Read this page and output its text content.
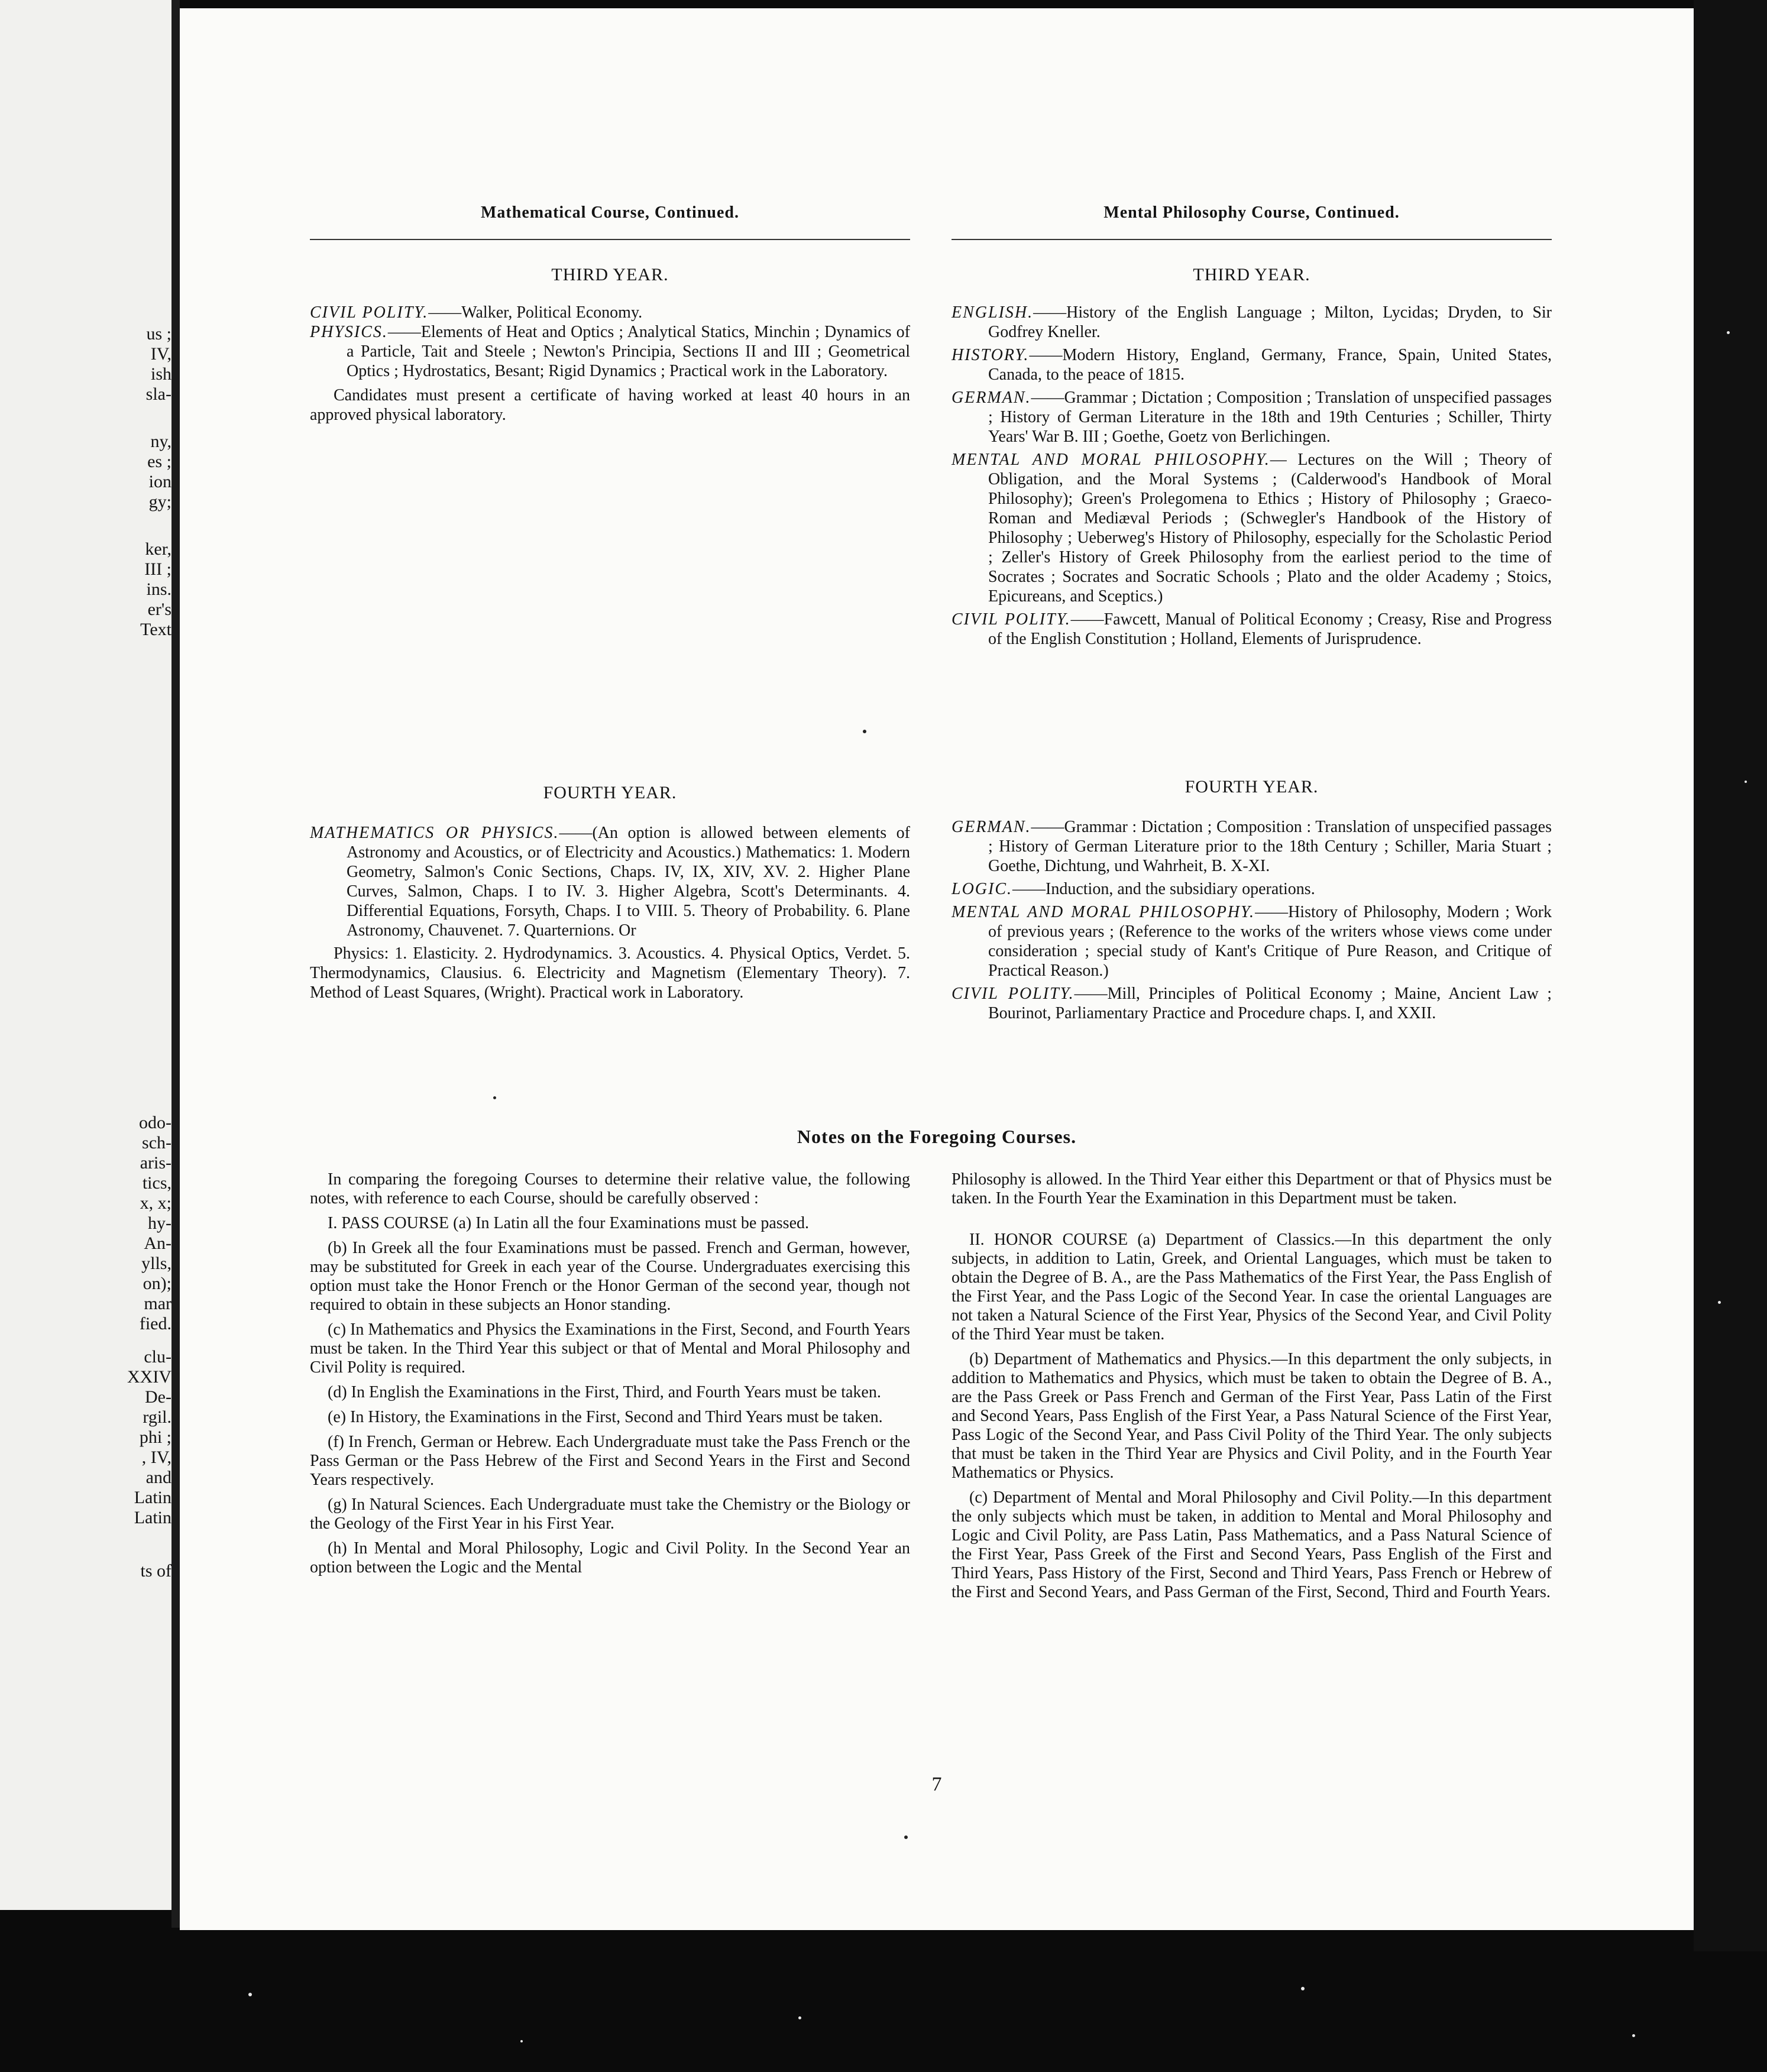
us ;
IV,
ish
sla-
ny,
es ;
ion
gy;
ker,
III ;
ins.
er's
Text
odo-
sch-
aris-
tics,
x, x;
hy-
An-
ylls,
on);
mar
fied.
clu-
XXIV
De-
rgil.
phi ;
, IV,
and
Latin
Latin
ts of
Mathematical Course, Continued.
THIRD YEAR.

CIVIL POLITY.——Walker, Political Economy.

PHYSICS.——Elements of Heat and Optics ; Analytical Statics, Minchin ; Dynamics of a Particle, Tait and Steele ; Newton's Principia, Sections II and III ; Geometrical Optics ; Hydrostatics, Besant; Rigid Dynamics ; Practical work in the Laboratory.

Candidates must present a certificate of having worked at least 40 hours in an approved physical laboratory.

FOURTH YEAR.

MATHEMATICS OR PHYSICS.——(An option is allowed between elements of Astronomy and Acoustics, or of Electricity and Acoustics.) Mathematics: 1. Modern Geometry, Salmon's Conic Sections, Chaps. IV, IX, XIV, XV. 2. Higher Plane Curves, Salmon, Chaps. I to IV. 3. Higher Algebra, Scott's Determinants. 4. Differential Equations, Forsyth, Chaps. I to VIII. 5. Theory of Probability. 6. Plane Astronomy, Chauvenet. 7. Quarternions. Or

Physics: 1. Elasticity. 2. Hydrodynamics. 3. Acoustics. 4. Physical Optics, Verdet. 5. Thermodynamics, Clausius. 6. Electricity and Magnetism (Elementary Theory). 7. Method of Least Squares, (Wright). Practical work in Laboratory.

Mental Philosophy Course, Continued.
THIRD YEAR.

ENGLISH.——History of the English Language ; Milton, Lycidas; Dryden, to Sir Godfrey Kneller.

HISTORY.——Modern History, England, Germany, France, Spain, United States, Canada, to the peace of 1815.

GERMAN.——Grammar ; Dictation ; Composition ; Translation of unspecified passages ; History of German Literature in the 18th and 19th Centuries ; Schiller, Thirty Years' War B. III ; Goethe, Goetz von Berlichingen.

MENTAL AND MORAL PHILOSOPHY.— Lectures on the Will ; Theory of Obligation, and the Moral Systems ; (Calderwood's Handbook of Moral Philosophy); Green's Prolegomena to Ethics ; History of Philosophy ; Graeco-Roman and Mediæval Periods ; (Schwegler's Handbook of the History of Philosophy ; Ueberweg's History of Philosophy, especially for the Scholastic Period ; Zeller's History of Greek Philosophy from the earliest period to the time of Socrates ; Socrates and Socratic Schools ; Plato and the older Academy ; Stoics, Epicureans, and Sceptics.)

CIVIL POLITY.——Fawcett, Manual of Political Economy ; Creasy, Rise and Progress of the English Constitution ; Holland, Elements of Jurisprudence.

FOURTH YEAR.

GERMAN.——Grammar : Dictation ; Composition : Translation of unspecified passages ; History of German Literature prior to the 18th Century ; Schiller, Maria Stuart ; Goethe, Dichtung, und Wahrheit, B. X-XI.

LOGIC.——Induction, and the subsidiary operations.

MENTAL AND MORAL PHILOSOPHY.——History of Philosophy, Modern ; Work of previous years ; (Reference to the works of the writers whose views come under consideration ; special study of Kant's Critique of Pure Reason, and Critique of Practical Reason.)

CIVIL POLITY.——Mill, Principles of Political Economy ; Maine, Ancient Law ; Bourinot, Parliamentary Practice and Procedure chaps. I, and XXII.

Notes on the Foregoing Courses.

In comparing the foregoing Courses to determine their relative value, the following notes, with reference to each Course, should be carefully observed :

I. PASS COURSE (a) In Latin all the four Examinations must be passed.

(b) In Greek all the four Examinations must be passed. French and German, however, may be substituted for Greek in each year of the Course. Undergraduates exercising this option must take the Honor French or the Honor German of the second year, though not required to obtain in these subjects an Honor standing.

(c) In Mathematics and Physics the Examinations in the First, Second, and Fourth Years must be taken. In the Third Year this subject or that of Mental and Moral Philosophy and Civil Polity is required.

(d) In English the Examinations in the First, Third, and Fourth Years must be taken.

(e) In History, the Examinations in the First, Second and Third Years must be taken.

(f) In French, German or Hebrew. Each Undergraduate must take the Pass French or the Pass German or the Pass Hebrew of the First and Second Years in the First and Second Years respectively.

(g) In Natural Sciences. Each Undergraduate must take the Chemistry or the Biology or the Geology of the First Year in his First Year.

(h) In Mental and Moral Philosophy, Logic and Civil Polity. In the Second Year an option between the Logic and the Mental

Philosophy is allowed. In the Third Year either this Department or that of Physics must be taken. In the Fourth Year the Examination in this Department must be taken.

II. HONOR COURSE (a) Department of Classics.—In this department the only subjects, in addition to Latin, Greek, and Oriental Languages, which must be taken to obtain the Degree of B. A., are the Pass Mathematics of the First Year, the Pass English of the First Year, and the Pass Logic of the Second Year. In case the oriental Languages are not taken a Natural Science of the First Year, Physics of the Second Year, and Civil Polity of the Third Year must be taken.

(b) Department of Mathematics and Physics.—In this department the only subjects, in addition to Mathematics and Physics, which must be taken to obtain the Degree of B. A., are the Pass Greek or Pass French and German of the First Year, Pass Latin of the First and Second Years, Pass English of the First Year, a Pass Natural Science of the First Year, Pass Logic of the Second Year, and Pass Civil Polity of the Third Year. The only subjects that must be taken in the Third Year are Physics and Civil Polity, and in the Fourth Year Mathematics or Physics.

(c) Department of Mental and Moral Philosophy and Civil Polity.—In this department the only subjects which must be taken, in addition to Mental and Moral Philosophy and Logic and Civil Polity, are Pass Latin, Pass Mathematics, and a Pass Natural Science of the First Year, Pass Greek of the First and Second Years, Pass English of the First and Third Years, Pass History of the First, Second and Third Years, Pass French or Hebrew of the First and Second Years, and Pass German of the First, Second, Third and Fourth Years.

7
